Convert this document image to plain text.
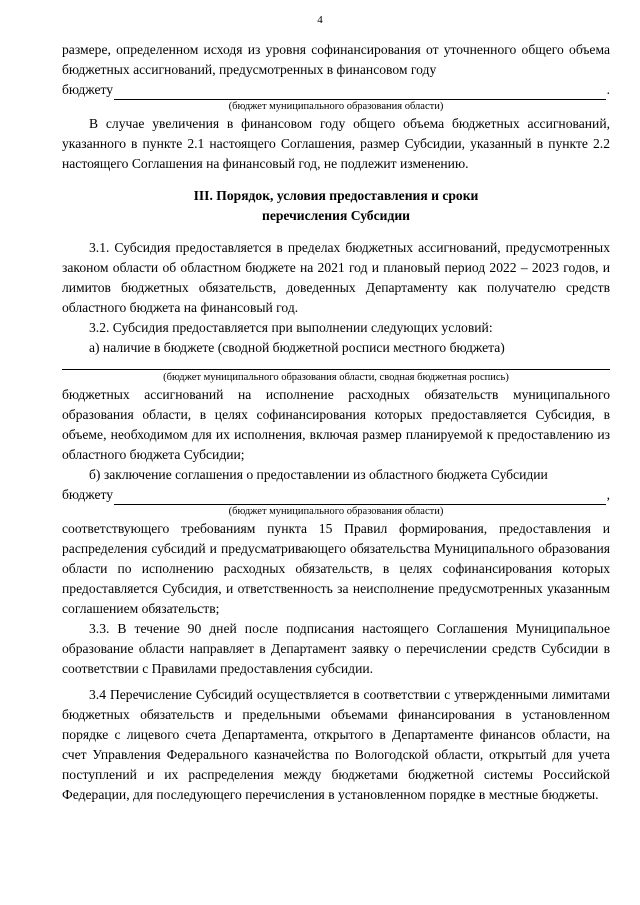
4

размере, определенном исходя из уровня софинансирования от уточненного общего объема бюджетных ассигнований, предусмотренных в финансовом году

бюджету	.
(бюджет муниципального образования области)

В случае увеличения в финансовом году общего объема бюджетных ассигнований, указанного в пункте 2.1 настоящего Соглашения, размер Субсидии, указанный в пункте 2.2 настоящего Соглашения на финансовый год, не подлежит изменению.

III. Порядок, условия предоставления и сроки
перечисления Субсидии

3.1. Субсидия предоставляется в пределах бюджетных ассигнований, предусмотренных законом области об областном бюджете на 2021 год и плановый период 2022 – 2023 годов, и лимитов бюджетных обязательств, доведенных Департаменту как получателю средств областного бюджета на финансовый год.

3.2. Субсидия предоставляется при выполнении следующих условий:

а) наличие в бюджете (сводной бюджетной росписи местного бюджета)

(бюджет муниципального образования области, сводная бюджетная роспись)

бюджетных ассигнований на исполнение расходных обязательств муниципального образования области, в целях софинансирования которых предоставляется Субсидия, в объеме, необходимом для их исполнения, включая размер планируемой к предоставлению из областного бюджета Субсидии;

б) заключение соглашения о предоставлении из областного бюджета Субсидии

бюджету	,
(бюджет муниципального образования области)

соответствующего требованиям пункта 15 Правил формирования, предоставления и распределения субсидий и предусматривающего обязательства Муниципального образования области по исполнению расходных обязательств, в целях софинансирования которых предоставляется Субсидия, и ответственность за неисполнение предусмотренных указанным соглашением обязательств;

3.3. В течение 90 дней после подписания настоящего Соглашения Муниципальное образование области направляет в Департамент заявку о перечислении средств Субсидии в соответствии с Правилами предоставления субсидии.

3.4 Перечисление Субсидий осуществляется в соответствии с утвержденными лимитами бюджетных обязательств и предельными объемами финансирования в установленном порядке с лицевого счета Департамента, открытого в Департаменте финансов области, на счет Управления Федерального казначейства по Вологодской области, открытый для учета поступлений и их распределения между бюджетами бюджетной системы Российской Федерации, для последующего перечисления в установленном порядке в местные бюджеты.
